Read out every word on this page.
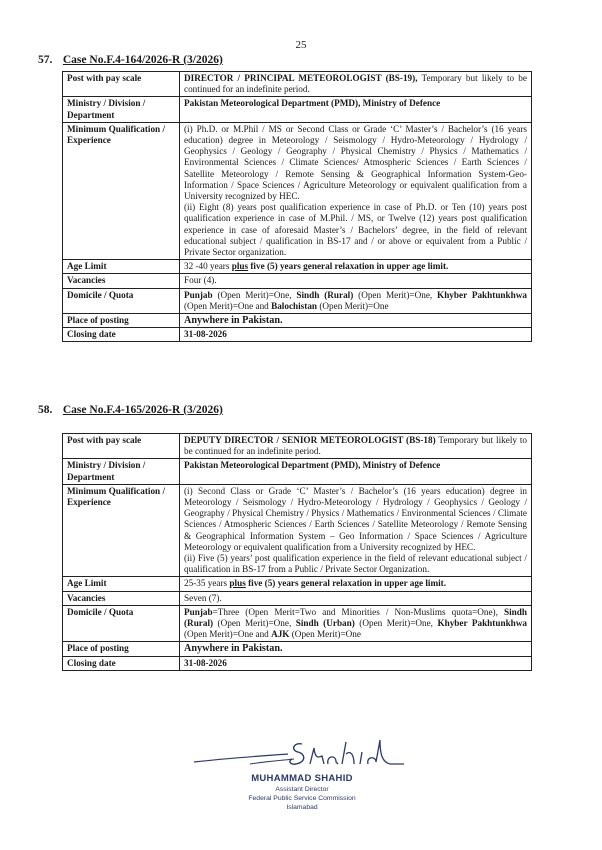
25
57. Case No.F.4-164/2026-R (3/2026)
Post with pay scale	DIRECTOR / PRINCIPAL METEOROLOGIST (BS-19), Temporary but likely to be continued for an indefinite period.
Ministry / Division / Department	Pakistan Meteorological Department (PMD), Ministry of Defence
Minimum Qualification / Experience	(i) Ph.D. or M.Phil / MS or Second Class or Grade ‘C’ Master’s / Bachelor’s (16 years education) degree in Meteorology / Seismology / Hydro-Meteorology / Hydrology / Geophysics / Geology / Geography / Physical Chemistry / Physics / Mathematics / Environmental Sciences / Climate Sciences/ Atmospheric Sciences / Earth Sciences / Satellite Meteorology / Remote Sensing & Geographical Information System-Geo-Information / Space Sciences / Agriculture Meteorology or equivalent qualification from a University recognized by HEC.
(ii) Eight (8) years post qualification experience in case of Ph.D. or Ten (10) years post qualification experience in case of M.Phil. / MS, or Twelve (12) years post qualification experience in case of aforesaid Master’s / Bachelors’ degree, in the field of relevant educational subject / qualification in BS-17 and / or above or equivalent from a Public / Private Sector organization.

Age Limit	32 -40 years plus five (5) years general relaxation in upper age limit.
Vacancies	Four (4).
Domicile / Quota	Punjab (Open Merit)=One, Sindh (Rural) (Open Merit)=One, Khyber Pakhtunkhwa (Open Merit)=One and Balochistan (Open Merit)=One
Place of posting	Anywhere in Pakistan.
Closing date	31-08-2026
58. Case No.F.4-165/2026-R (3/2026)
Post with pay scale	DEPUTY DIRECTOR / SENIOR METEOROLOGIST (BS-18) Temporary but likely to be continued for an indefinite period.
Ministry / Division / Department	Pakistan Meteorological Department (PMD), Ministry of Defence
Minimum Qualification / Experience	(i) Second Class or Grade ‘C’ Master’s / Bachelor’s (16 years education) degree in Meteorology / Seismology / Hydro-Meteorology / Hydrology / Geophysics / Geology / Geography / Physical Chemistry / Physics / Mathematics / Environmental Sciences / Climate Sciences / Atmospheric Sciences / Earth Sciences / Satellite Meteorology / Remote Sensing & Geographical Information System – Geo Information / Space Sciences / Agriculture Meteorology or equivalent qualification from a University recognized by HEC.
(ii) Five (5) years’ post qualification experience in the field of relevant educational subject / qualification in BS-17 from a Public / Private Sector Organization.

Age Limit	25-35 years plus five (5) years general relaxation in upper age limit.
Vacancies	Seven (7).
Domicile / Quota	Punjab=Three (Open Merit=Two and Minorities / Non-Muslims quota=One), Sindh (Rural) (Open Merit)=One, Sindh (Urban) (Open Merit)=One, Khyber Pakhtunkhwa (Open Merit)=One and AJK (Open Merit)=One
Place of posting	Anywhere in Pakistan.
Closing date	31-08-2026
MUHAMMAD SHAHID
Assistant Director
Federal Public Service Commission
Islamabad
